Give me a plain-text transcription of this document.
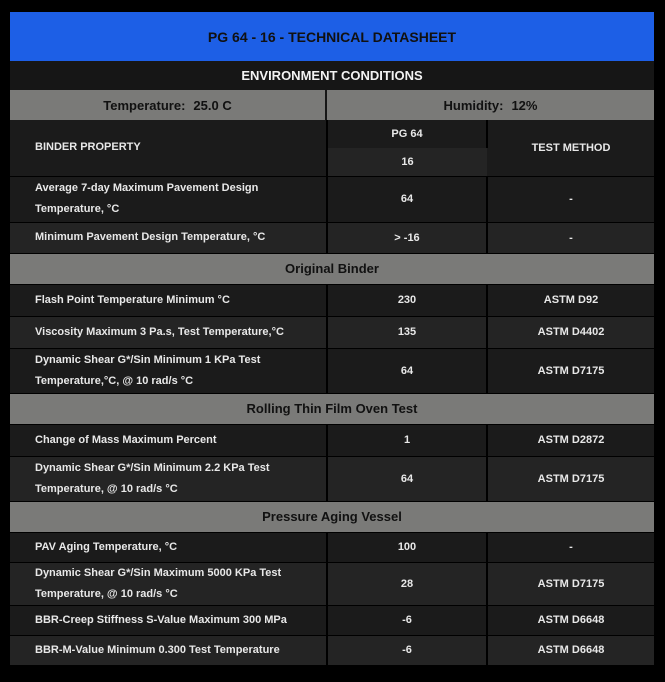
PG 64 - 16 - TECHNICAL DATASHEET
ENVIRONMENT CONDITIONS
Temperature: 25.0 C	Humidity: 12%
BINDER PROPERTY	PG 64	TEST METHOD
	16	
Average 7-day Maximum Pavement Design Temperature, °C	64	-
Minimum Pavement Design Temperature, °C	> -16	-
Original Binder		
Flash Point Temperature Minimum °C	230	ASTM D92
Viscosity Maximum 3 Pa.s, Test Temperature,°C	135	ASTM D4402
Dynamic Shear G*/Sin Minimum 1 KPa Test Temperature,°C, @ 10 rad/s °C	64	ASTM D7175
Rolling Thin Film Oven Test		
Change of Mass Maximum Percent	1	ASTM D2872
Dynamic Shear G*/Sin Minimum 2.2 KPa Test Temperature, @ 10 rad/s °C	64	ASTM D7175
Pressure Aging Vessel		
PAV Aging Temperature, °C	100	-
Dynamic Shear G*/Sin Maximum 5000 KPa Test Temperature, @ 10 rad/s °C	28	ASTM D7175
BBR-Creep Stiffness S-Value Maximum 300 MPa	-6	ASTM D6648
BBR-M-Value Minimum 0.300 Test Temperature	-6	ASTM D6648
